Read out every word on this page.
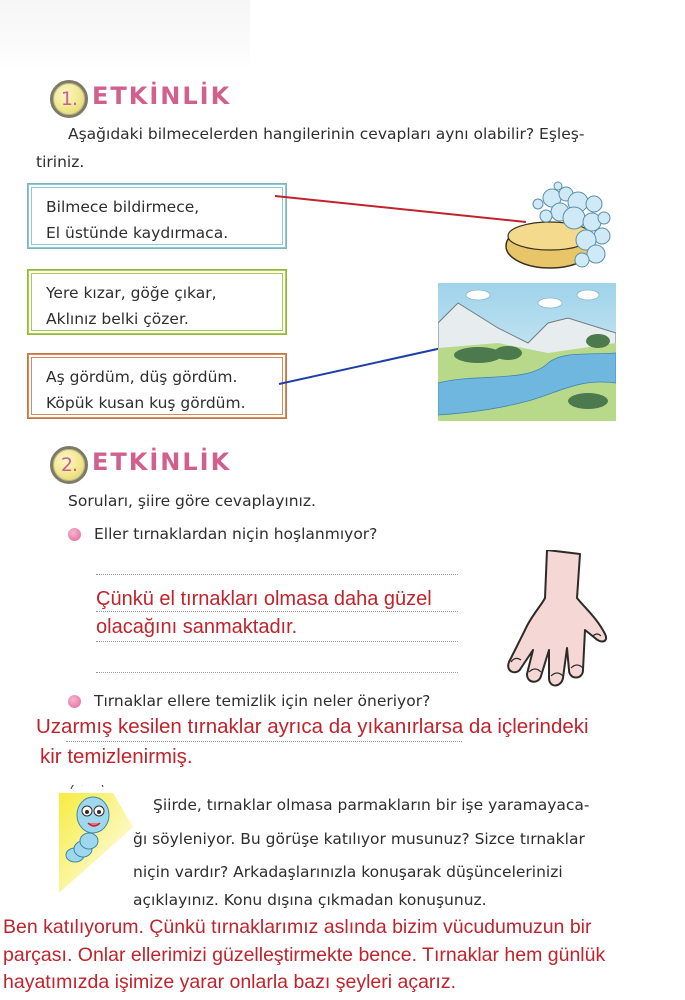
1. ETKİNLİK
Aşağıdaki bilmecelerden hangilerinin cevapları aynı olabilir? Eşleş-
tiriniz.
Bilmece bildirmece,
El üstünde kaydırmaca.
Yere kızar, göğe çıkar,
Aklınız belki çözer.
Aş gördüm, düş gördüm.
Köpük kusan kuş gördüm.
2. ETKİNLİK
Soruları, şiire göre cevaplayınız.
Eller tırnaklardan niçin hoşlanmıyor?
Çünkü el tırnakları olmasa daha güzel
olacağını sanmaktadır.
Tırnaklar ellere temizlik için neler öneriyor?
Uzarmış kesilen tırnaklar ayrıca da yıkanırlarsa da içlerindeki
kir temizlenirmiş.
Şiirde, tırnaklar olmasa parmakların bir işe yaramayaca-
ğı söyleniyor. Bu görüşe katılıyor musunuz? Sizce tırnaklar
niçin vardır? Arkadaşlarınızla konuşarak düşüncelerinizi
açıklayınız. Konu dışına çıkmadan konuşunuz.
Ben katılıyorum. Çünkü tırnaklarımız aslında bizim vücudumuzun bir
parçası. Onlar ellerimizi güzelleştirmekte bence. Tırnaklar hem günlük
hayatımızda işimize yarar onlarla bazı şeyleri açarız.
